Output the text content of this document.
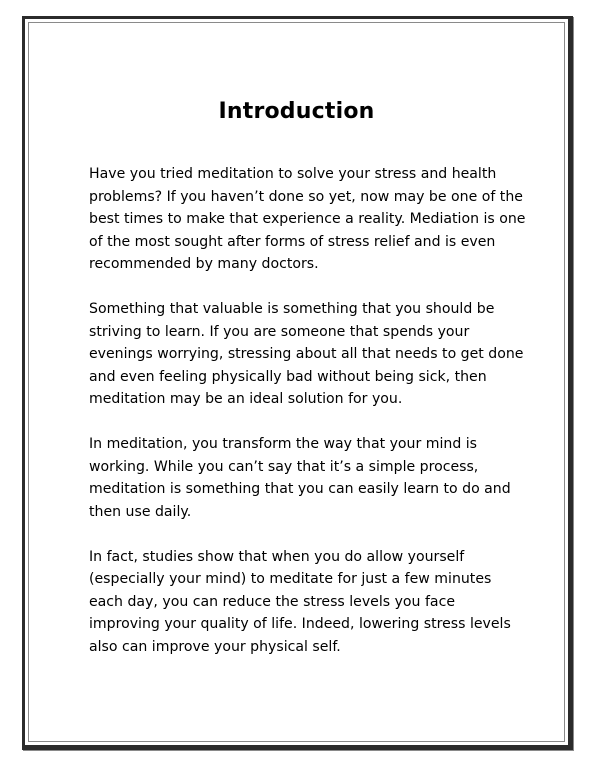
Introduction

Have you tried meditation to solve your stress and health problems? If you haven’t done so yet, now may be one of the best times to make that experience a reality. Mediation is one of the most sought after forms of stress relief and is even recommended by many doctors.

Something that valuable is something that you should be striving to learn. If you are someone that spends your evenings worrying, stressing about all that needs to get done and even feeling physically bad without being sick, then meditation may be an ideal solution for you.

In meditation, you transform the way that your mind is working. While you can’t say that it’s a simple process, meditation is something that you can easily learn to do and then use daily.

In fact, studies show that when you do allow yourself (especially your mind) to meditate for just a few minutes each day, you can reduce the stress levels you face improving your quality of life. Indeed, lowering stress levels also can improve your physical self.
